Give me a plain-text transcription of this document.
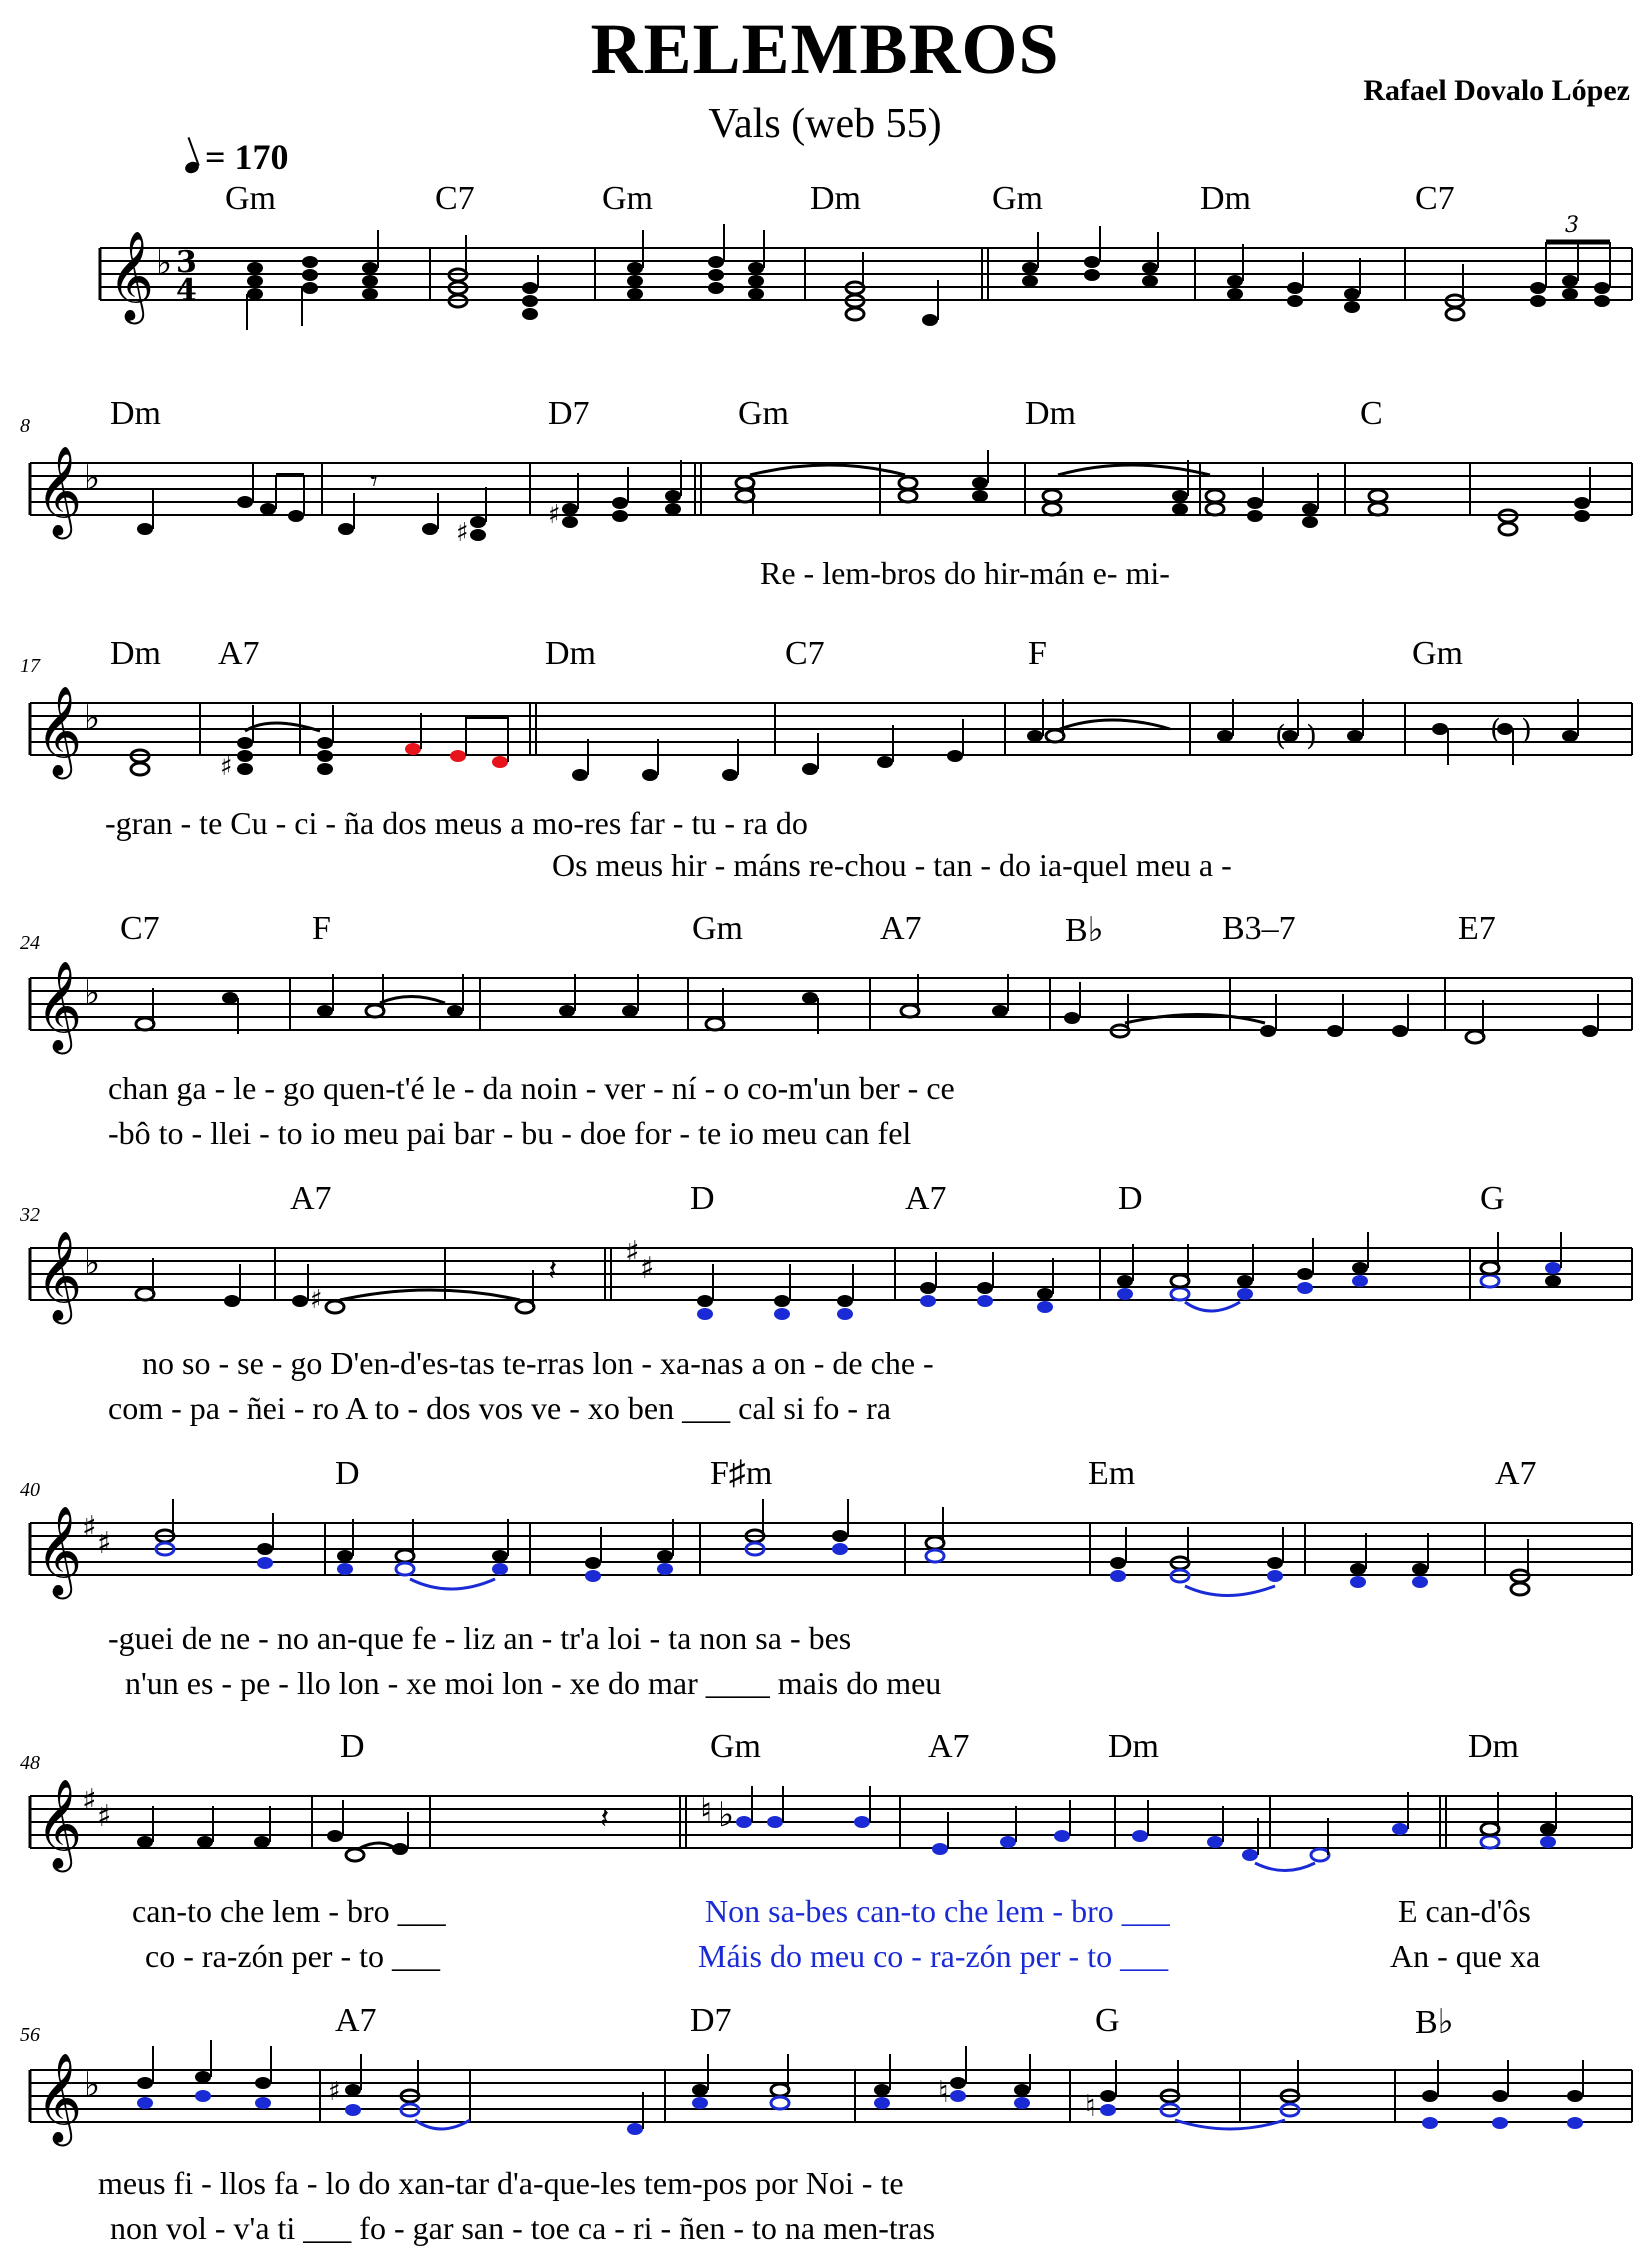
RELEMBROS
Rafael Dovalo López
Vals (web 55)
= 170
Gm	C7	Gm	Dm	Gm	Dm	C7
𝄞 ♭ 3
4
3
8 Dm	D7	Gm	Dm	C
𝄞 ♭	𝄾
♯
♯
Re - lem-bros do hir-mán e- mi-
17 Dm A7	Dm	C7	F	Gm
𝄞 ♭
♯
( )	( )
-gran - te Cu - ci - ña dos meus a mo-res far - tu - ra do
Os meus hir - máns re-chou - tan - do ia-quel meu a -
24 C7	F	Gm	A7	B♭	B3–7	E7
𝄞 ♭
chan ga - le - go quen-t'é le - da noin - ver - ní - o co-m'un ber - ce
-bô to - llei - to io meu pai bar - bu - doe for - te io meu can fel
32	A7	D	A7	D	G
𝄞 ♭	♯ ♯
♯
𝄽
no so - se - go D'en-d'es-tas te-rras lon - xa-nas a on - de che -
com - pa - ñei - ro A to - dos vos ve - xo ben ___ cal si fo - ra
40	D	F♯m	Em	A7
𝄞 ♯ ♯
-guei de ne - no an-que fe - liz an - tr'a loi - ta non sa - bes
n'un es - pe - llo lon - xe moi lon - xe do mar ____ mais do meu
48	D	Gm	A7	Dm	Dm
𝄞 ♯ ♯	♮ ♭
𝄽
can-to che lem - bro ___	Non sa-bes can-to che lem - bro ___	E can-d'ôs
co - ra-zón per - to ___	Máis do meu co - ra-zón per - to ___	An - que xa
56	A7	D7	G	B♭
𝄞 ♭	♯	♮	♮
meus fi - llos fa - lo do xan-tar d'a-que-les tem-pos por Noi - te
non vol - v'a ti ___ fo - gar san - toe ca - ri - ñen - to na men-tras
